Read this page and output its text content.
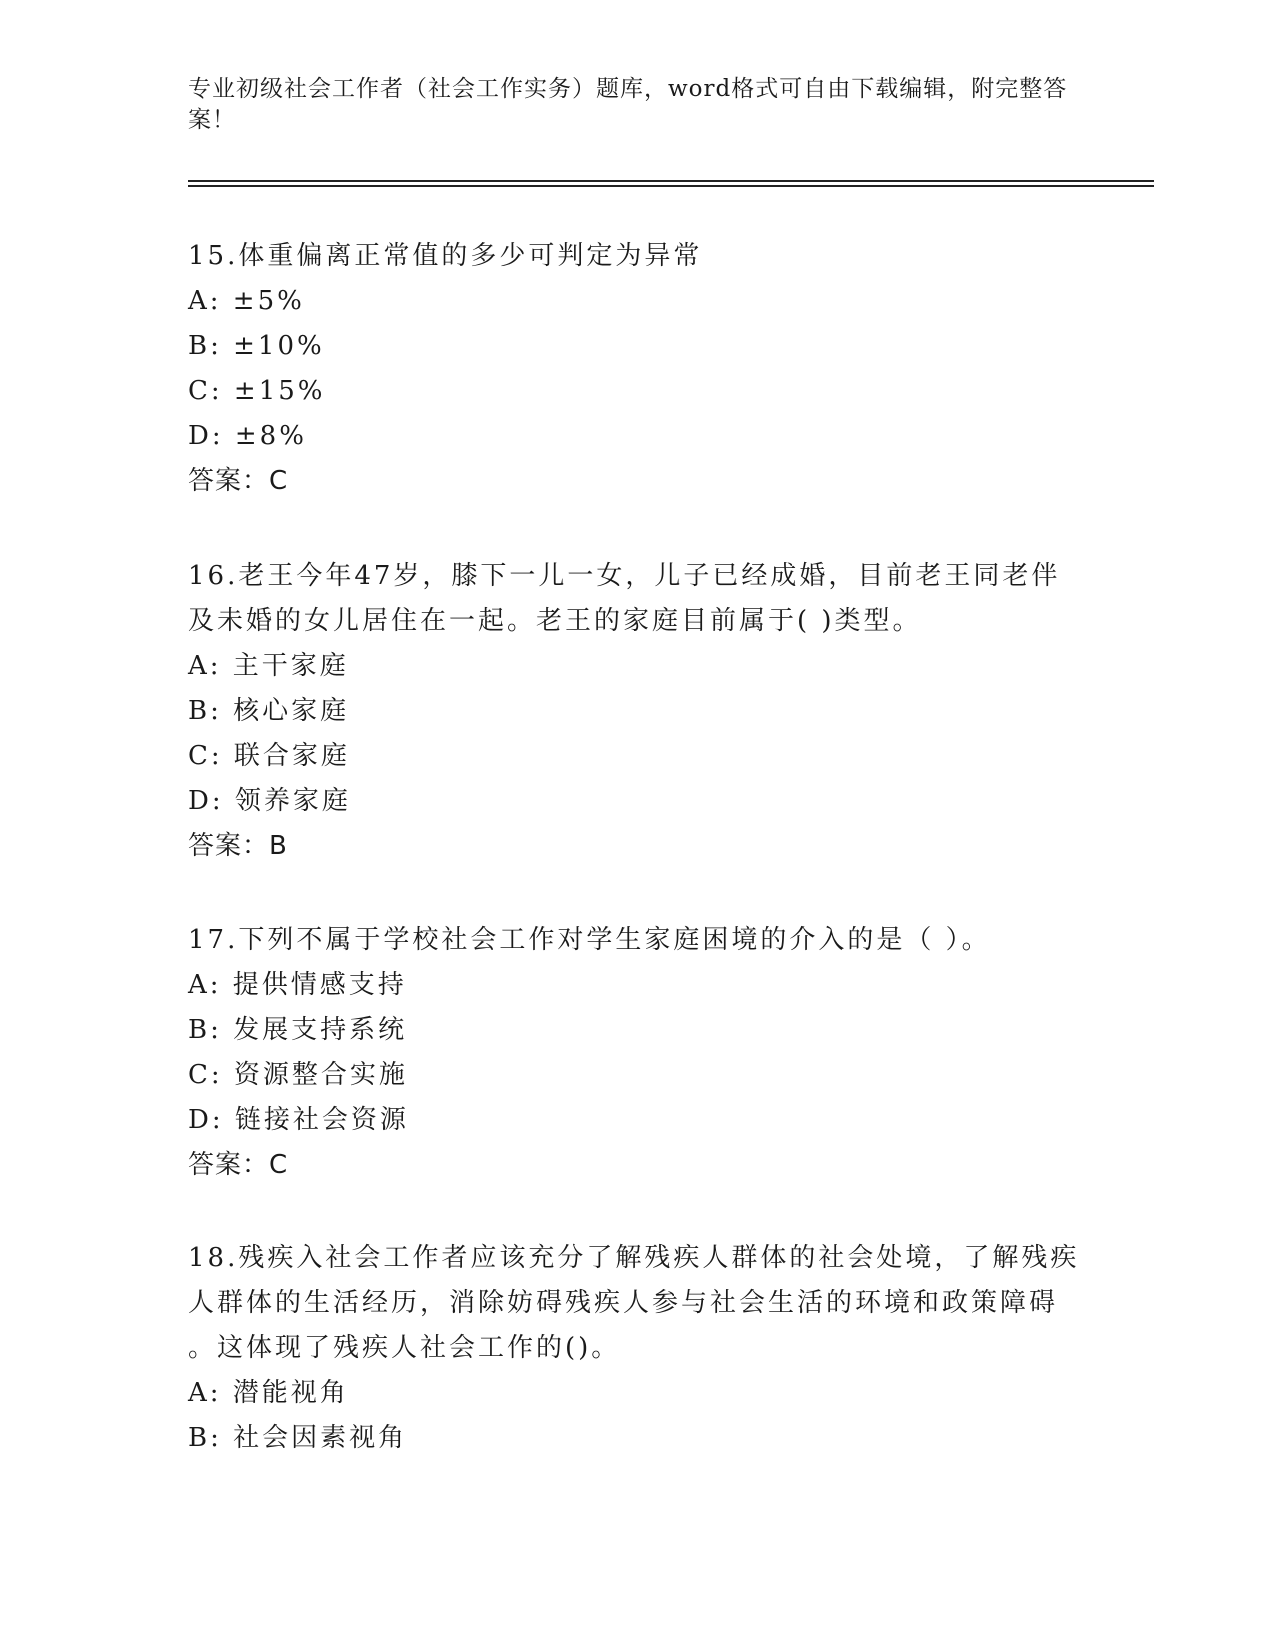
专业初级社会工作者（社会工作实务）题库，word格式可自由下载编辑，附完整答案！

15.体重偏离正常值的多少可判定为异常

A: ±5%

B: ±10%

C: ±15%

D: ±8%

答案：C

16.老王今年47岁，膝下一儿一女，儿子已经成婚，目前老王同老伴

及未婚的女儿居住在一起。老王的家庭目前属于( )类型。

A: 主干家庭

B: 核心家庭

C: 联合家庭

D: 领养家庭

答案：B

17.下列不属于学校社会工作对学生家庭困境的介入的是（ ）。

A: 提供情感支持

B: 发展支持系统

C: 资源整合实施

D: 链接社会资源

答案：C

18.残疾入社会工作者应该充分了解残疾人群体的社会处境，了解残疾

人群体的生活经历，消除妨碍残疾人参与社会生活的环境和政策障碍

。这体现了残疾人社会工作的()。

A: 潜能视角

B: 社会因素视角
